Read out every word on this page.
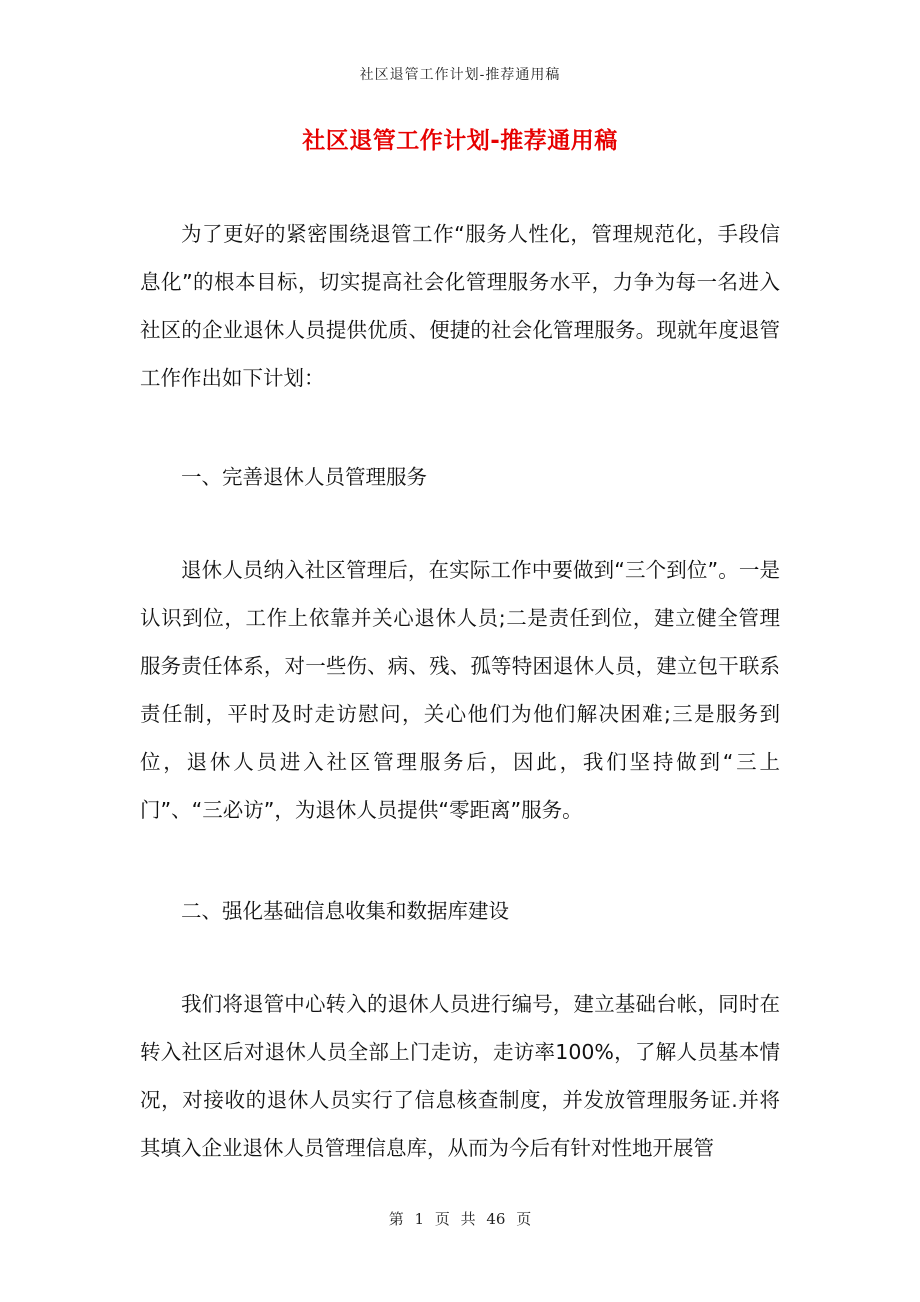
社区退管工作计划-推荐通用稿
社区退管工作计划-推荐通用稿

为了更好的紧密围绕退管工作“服务人性化，管理规范化，手段信息化”的根本目标，切实提高社会化管理服务水平，力争为每一名进入社区的企业退休人员提供优质、便捷的社会化管理服务。现就年度退管工作作出如下计划：

一、完善退休人员管理服务

退休人员纳入社区管理后，在实际工作中要做到“三个到位”。一是认识到位，工作上依靠并关心退休人员;二是责任到位，建立健全管理服务责任体系，对一些伤、病、残、孤等特困退休人员，建立包干联系责任制，平时及时走访慰问，关心他们为他们解决困难;三是服务到位，退休人员进入社区管理服务后，因此，我们坚持做到“三上门”、“三必访”，为退休人员提供“零距离”服务。

二、强化基础信息收集和数据库建设

我们将退管中心转入的退休人员进行编号，建立基础台帐，同时在转入社区后对退休人员全部上门走访，走访率100%，了解人员基本情况，对接收的退休人员实行了信息核查制度，并发放管理服务证.并将其填入企业退休人员管理信息库，从而为今后有针对性地开展管

第 1 页 共 46 页
